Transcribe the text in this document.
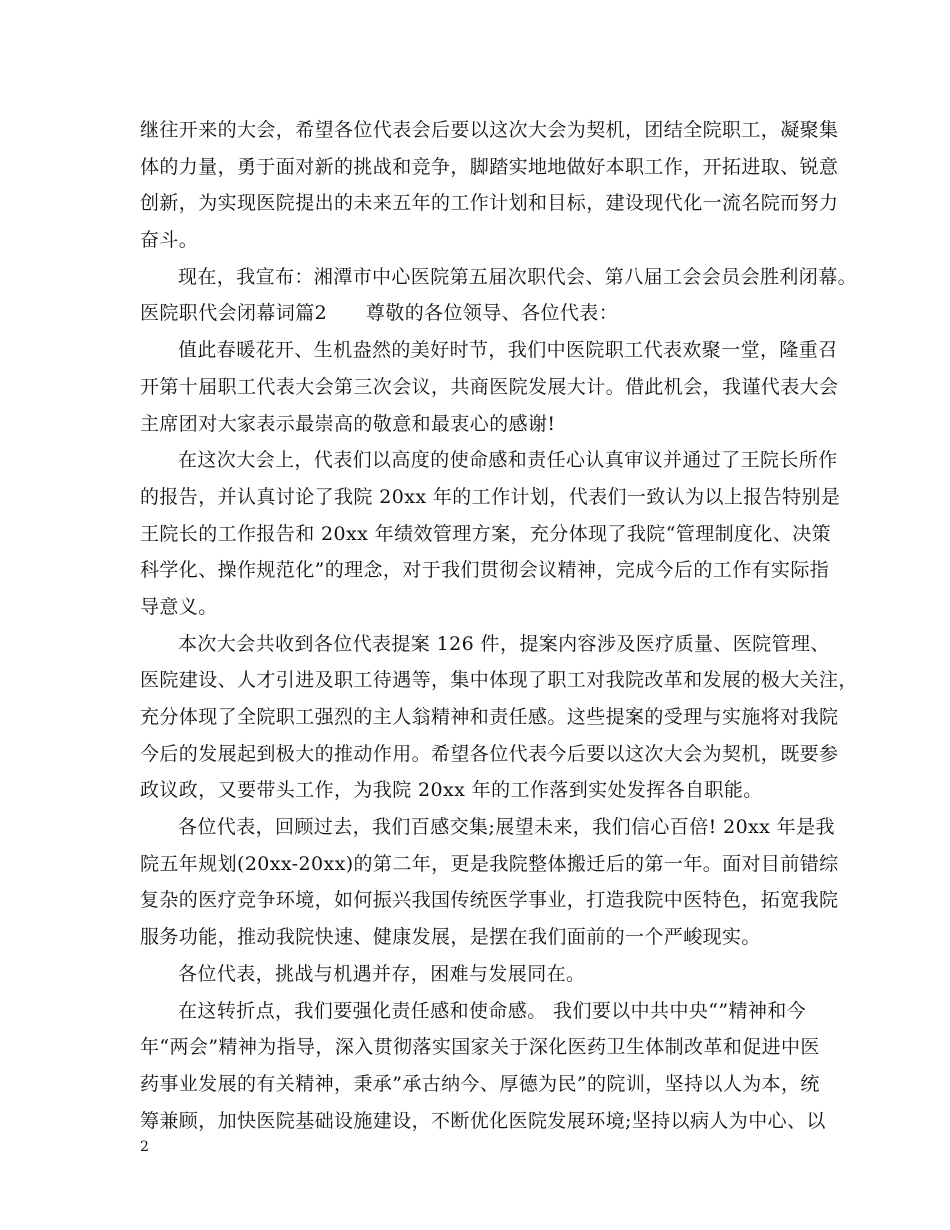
继往开来的大会，希望各位代表会后要以这次大会为契机，团结全院职工，凝聚集
体的力量，勇于面对新的挑战和竞争，脚踏实地地做好本职工作，开拓进取、锐意
创新，为实现医院提出的未来五年的工作计划和目标，建设现代化一流名院而努力
奋斗。
现在，我宣布：湘潭市中心医院第五届次职代会、第八届工会会员会胜利闭幕。
医院职代会闭幕词篇2　　尊敬的各位领导、各位代表：
值此春暖花开、生机盎然的美好时节，我们中医院职工代表欢聚一堂，隆重召
开第十届职工代表大会第三次会议，共商医院发展大计。借此机会，我谨代表大会
主席团对大家表示最崇高的敬意和最衷心的感谢!
在这次大会上，代表们以高度的使命感和责任心认真审议并通过了王院长所作
的报告，并认真讨论了我院 20xx 年的工作计划，代表们一致认为以上报告特别是
王院长的工作报告和 20xx 年绩效管理方案，充分体现了我院“管理制度化、决策
科学化、操作规范化”的理念，对于我们贯彻会议精神，完成今后的工作有实际指
导意义。
本次大会共收到各位代表提案 126 件，提案内容涉及医疗质量、医院管理、
医院建设、人才引进及职工待遇等，集中体现了职工对我院改革和发展的极大关注，
充分体现了全院职工强烈的主人翁精神和责任感。这些提案的受理与实施将对我院
今后的发展起到极大的推动作用。希望各位代表今后要以这次大会为契机，既要参
政议政，又要带头工作，为我院 20xx 年的工作落到实处发挥各自职能。
各位代表，回顾过去，我们百感交集;展望未来，我们信心百倍! 20xx 年是我
院五年规划(20xx-20xx)的第二年，更是我院整体搬迁后的第一年。面对目前错综
复杂的医疗竞争环境，如何振兴我国传统医学事业，打造我院中医特色，拓宽我院
服务功能，推动我院快速、健康发展，是摆在我们面前的一个严峻现实。
各位代表，挑战与机遇并存，困难与发展同在。
在这转折点，我们要强化责任感和使命感。 我们要以中共中央“”精神和今
年“两会”精神为指导，深入贯彻落实国家关于深化医药卫生体制改革和促进中医
药事业发展的有关精神，秉承”承古纳今、厚德为民”的院训，坚持以人为本，统
筹兼顾，加快医院基础设施建设，不断优化医院发展环境;坚持以病人为中心、以
2
